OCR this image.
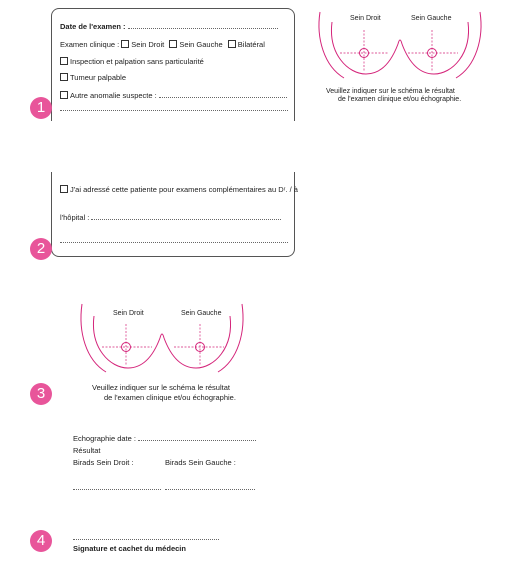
Date de l'examen :
Examen clinique : Sein Droit Sein Gauche Bilatéral
Inspection et palpation sans particularité
Tumeur palpable
Autre anomalie suspecte :
1
Sein Droit	Sein Gauche
Veuillez indiquer sur le schéma le résultat
de l'examen clinique et/ou échographie.
J'ai adressé cette patiente pour examens complémentaires au Dʳ. / à
l'hôpital :
2
Sein Droit	Sein Gauche
Veuillez indiquer sur le schéma le résultat
de l'examen clinique et/ou échographie.
3
Echographie date :
Résultat
Birads Sein Droit :	Birads Sein Gauche :
Signature et cachet du médecin
4
